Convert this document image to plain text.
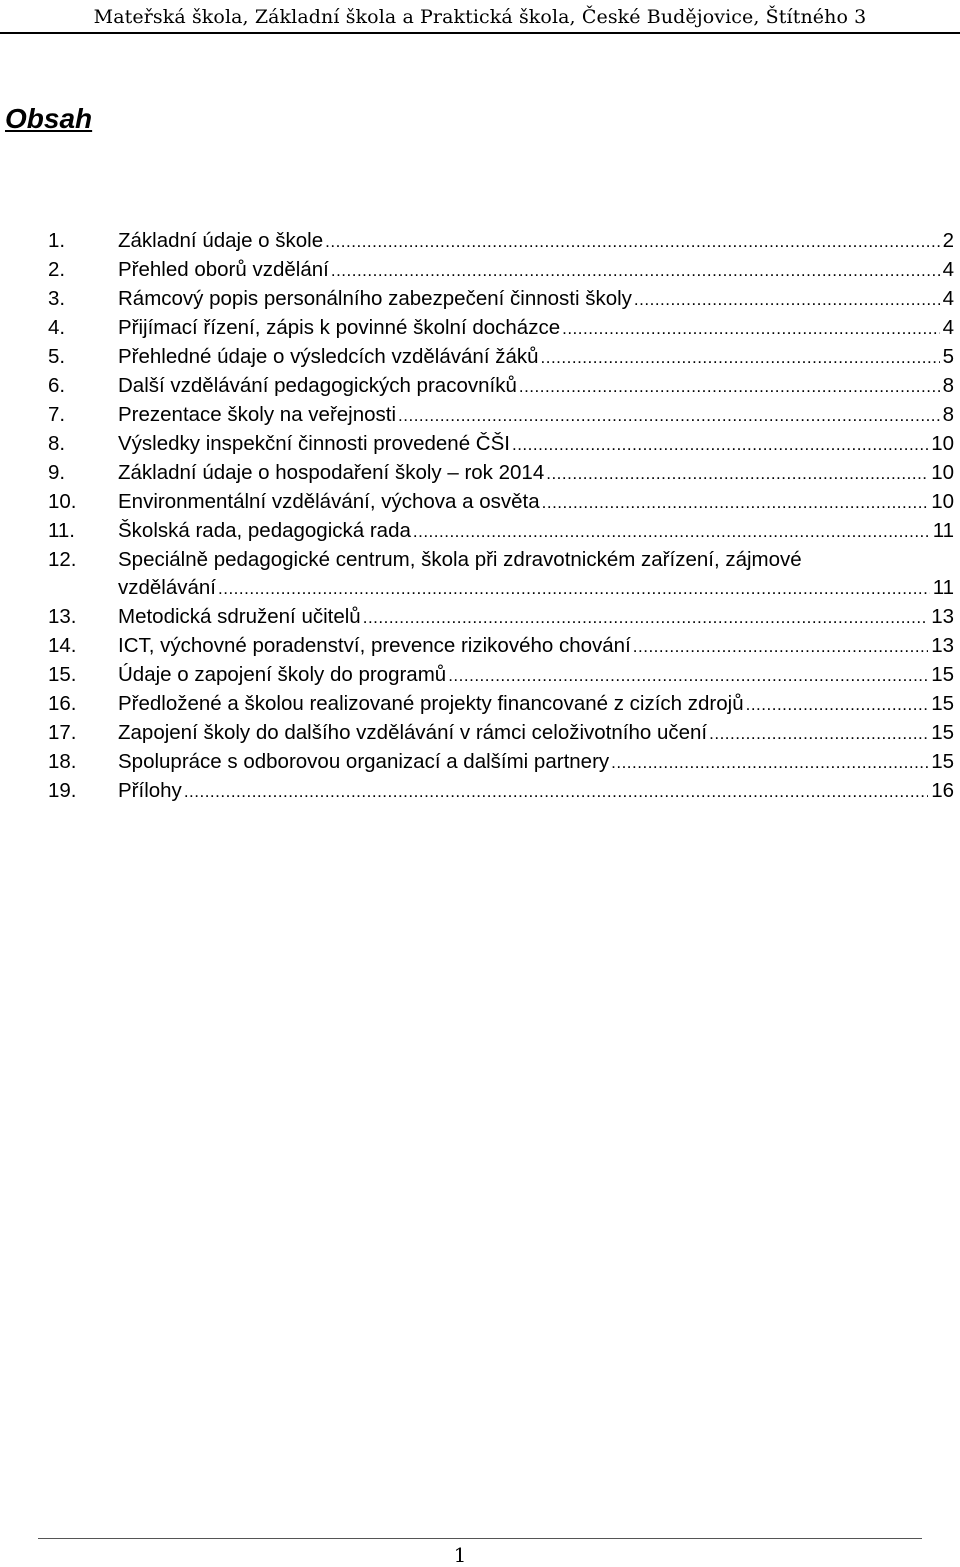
Mateřská škola, Základní škola a Praktická škola, České Budějovice, Štítného 3
Obsah
1.	Základní údaje o škole .....	2
2.	Přehled oborů vzdělání .....	4
3.	Rámcový popis personálního zabezpečení činnosti školy .....	4
4.	Přijímací řízení, zápis k povinné školní docházce .....	4
5.	Přehledné údaje o výsledcích vzdělávání žáků .....	5
6.	Další vzdělávání pedagogických pracovníků .....	8
7.	Prezentace školy na veřejnosti .....	8
8.	Výsledky inspekční činnosti provedené ČŠI .....	10
9.	Základní údaje o hospodaření školy – rok 2014 .....	10
10. Environmentální vzdělávání, výchova a osvěta .....	10
11. Školská rada, pedagogická rada .....	11
12. Speciálně pedagogické centrum, škola při zdravotnickém zařízení, zájmové
vzdělávání .....	11
13. Metodická sdružení učitelů .....	13
14. ICT, výchovné poradenství, prevence rizikového chování .....	13
15. Údaje o zapojení školy do programů .....	15
16. Předložené a školou realizované projekty financované z cizích zdrojů .....	15
17. Zapojení školy do dalšího vzdělávání v rámci celoživotního učení .....	15
18. Spolupráce s odborovou organizací a dalšími partnery .....	15
19. Přílohy .....	16
1
